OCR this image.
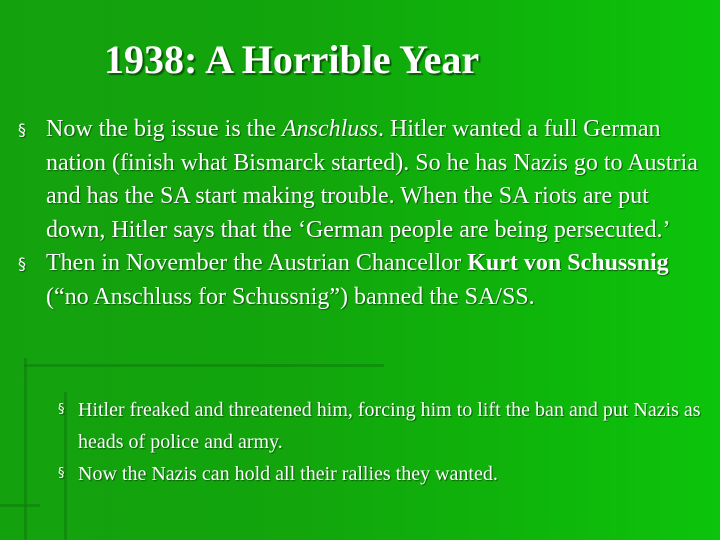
1938: A Horrible Year
§ Now the big issue is the Anschluss. Hitler wanted a full German nation (finish what Bismarck started). So he has Nazis go to Austria and has the SA start making trouble. When the SA riots are put down, Hitler says that the ‘German people are being persecuted.’
§ Then in November the Austrian Chancellor Kurt von Schussnig (“no Anschluss for Schussnig”) banned the SA/SS.
§ Hitler freaked and threatened him, forcing him to lift the ban and put Nazis as heads of police and army.
§ Now the Nazis can hold all their rallies they wanted.
